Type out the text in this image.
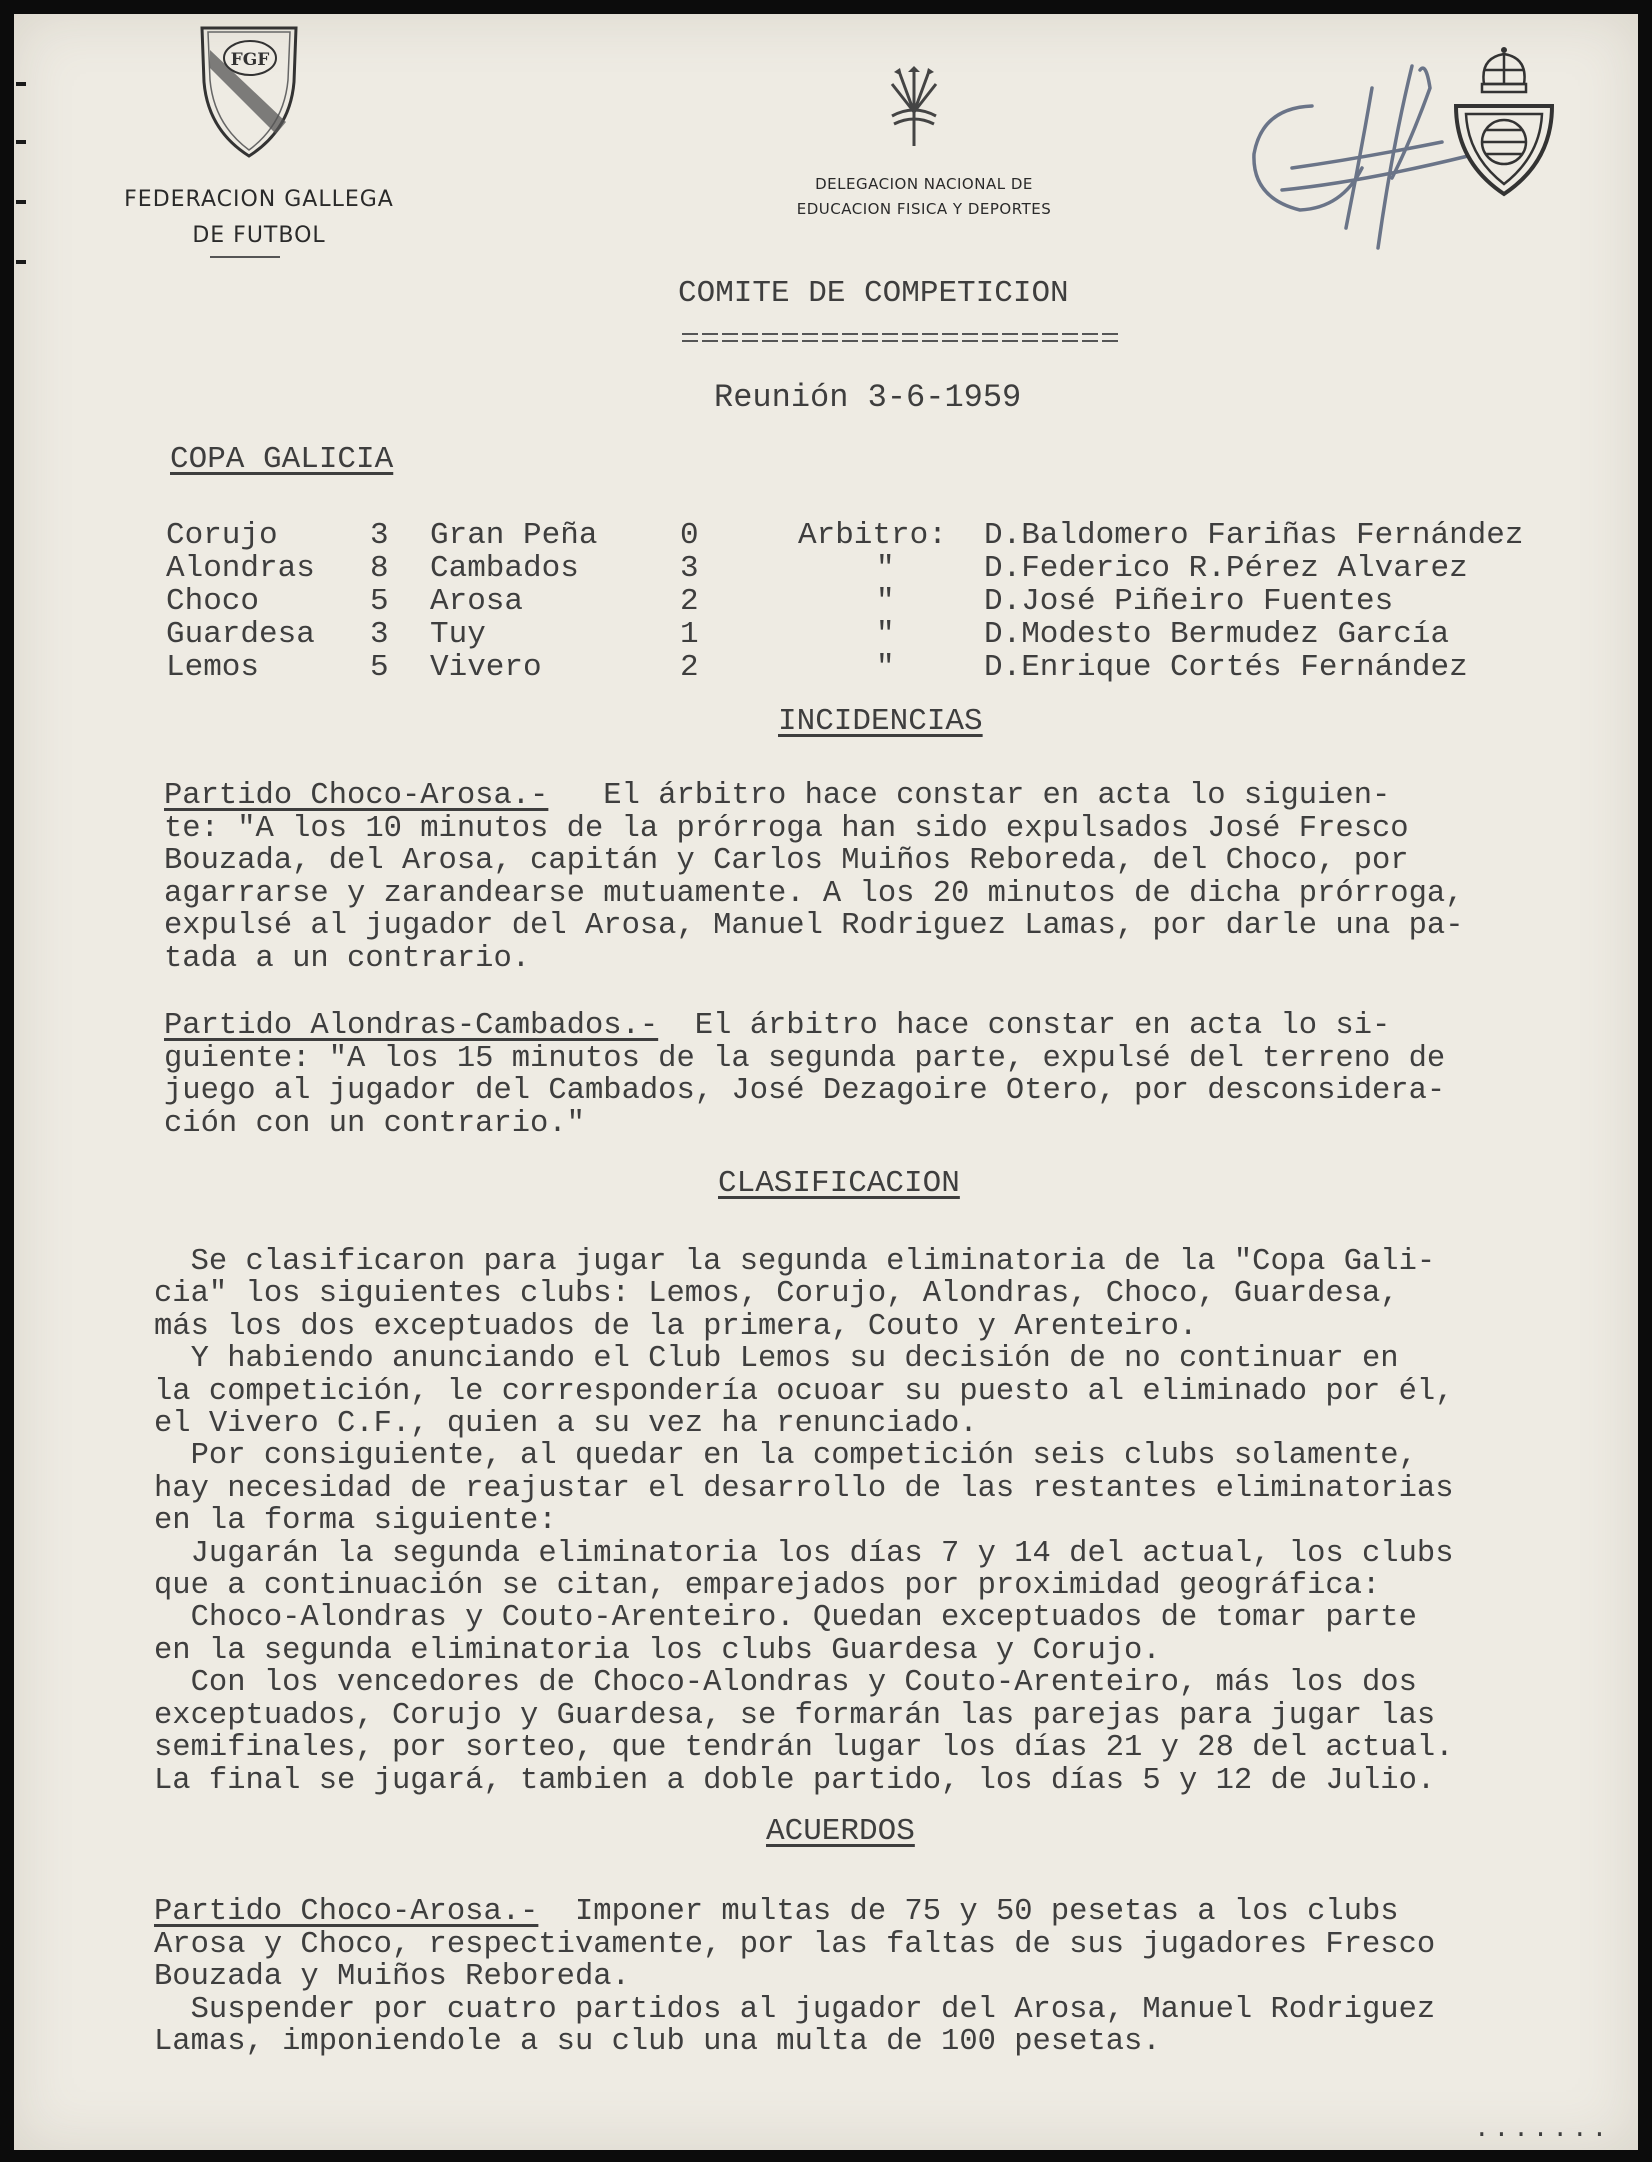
FGF
FEDERACION GALLEGA
DE FUTBOL
DELEGACION NACIONAL DE
EDUCACION FISICA Y DEPORTES
COMITE DE COMPETICION
Reunión 3-6-1959
COPA GALICIA
Corujo	3 Gran Peña	0	Arbitro: D.Baldomero Fariñas Fernández
Alondras 8 Cambados	3	"	D.Federico R.Pérez Alvarez
Choco	5 Arosa	2	"	D.José Piñeiro Fuentes
Guardesa 3 Tuy	1	"	D.Modesto Bermudez García
Lemos	5 Vivero	2	"	D.Enrique Cortés Fernández
INCIDENCIAS
Partido Choco-Arosa.-   El árbitro hace constar en acta lo siguien-
te: "A los 10 minutos de la prórroga han sido expulsados José Fresco
Bouzada, del Arosa, capitán y Carlos Muiños Reboreda, del Choco, por
agarrarse y zarandearse mutuamente. A los 20 minutos de dicha prórroga,
expulsé al jugador del Arosa, Manuel Rodriguez Lamas, por darle una pa-
tada a un contrario.
Partido Alondras-Cambados.-  El árbitro hace constar en acta lo si-
guiente: "A los 15 minutos de la segunda parte, expulsé del terreno de
juego al jugador del Cambados, José Dezagoire Otero, por desconsidera-
ción con un contrario."
CLASIFICACION
Se clasificaron para jugar la segunda eliminatoria de la "Copa Gali-
cia" los siguientes clubs: Lemos, Corujo, Alondras, Choco, Guardesa,
más los dos exceptuados de la primera, Couto y Arenteiro.
Y habiendo anunciando el Club Lemos su decisión de no continuar en
la competición, le correspondería ocuoar su puesto al eliminado por él,
el Vivero C.F., quien a su vez ha renunciado.
Por consiguiente, al quedar en la competición seis clubs solamente,
hay necesidad de reajustar el desarrollo de las restantes eliminatorias
en la forma siguiente:
Jugarán la segunda eliminatoria los días 7 y 14 del actual, los clubs
que a continuación se citan, emparejados por proximidad geográfica:
Choco-Alondras y Couto-Arenteiro. Quedan exceptuados de tomar parte
en la segunda eliminatoria los clubs Guardesa y Corujo.
Con los vencedores de Choco-Alondras y Couto-Arenteiro, más los dos
exceptuados, Corujo y Guardesa, se formarán las parejas para jugar las
semifinales, por sorteo, que tendrán lugar los días 21 y 28 del actual.
La final se jugará, tambien a doble partido, los días 5 y 12 de Julio.
ACUERDOS
Partido Choco-Arosa.-  Imponer multas de 75 y 50 pesetas a los clubs
Arosa y Choco, respectivamente, por las faltas de sus jugadores Fresco
Bouzada y Muiños Reboreda.
Suspender por cuatro partidos al jugador del Arosa, Manuel Rodriguez
Lamas, imponiendole a su club una multa de 100 pesetas.
.......
